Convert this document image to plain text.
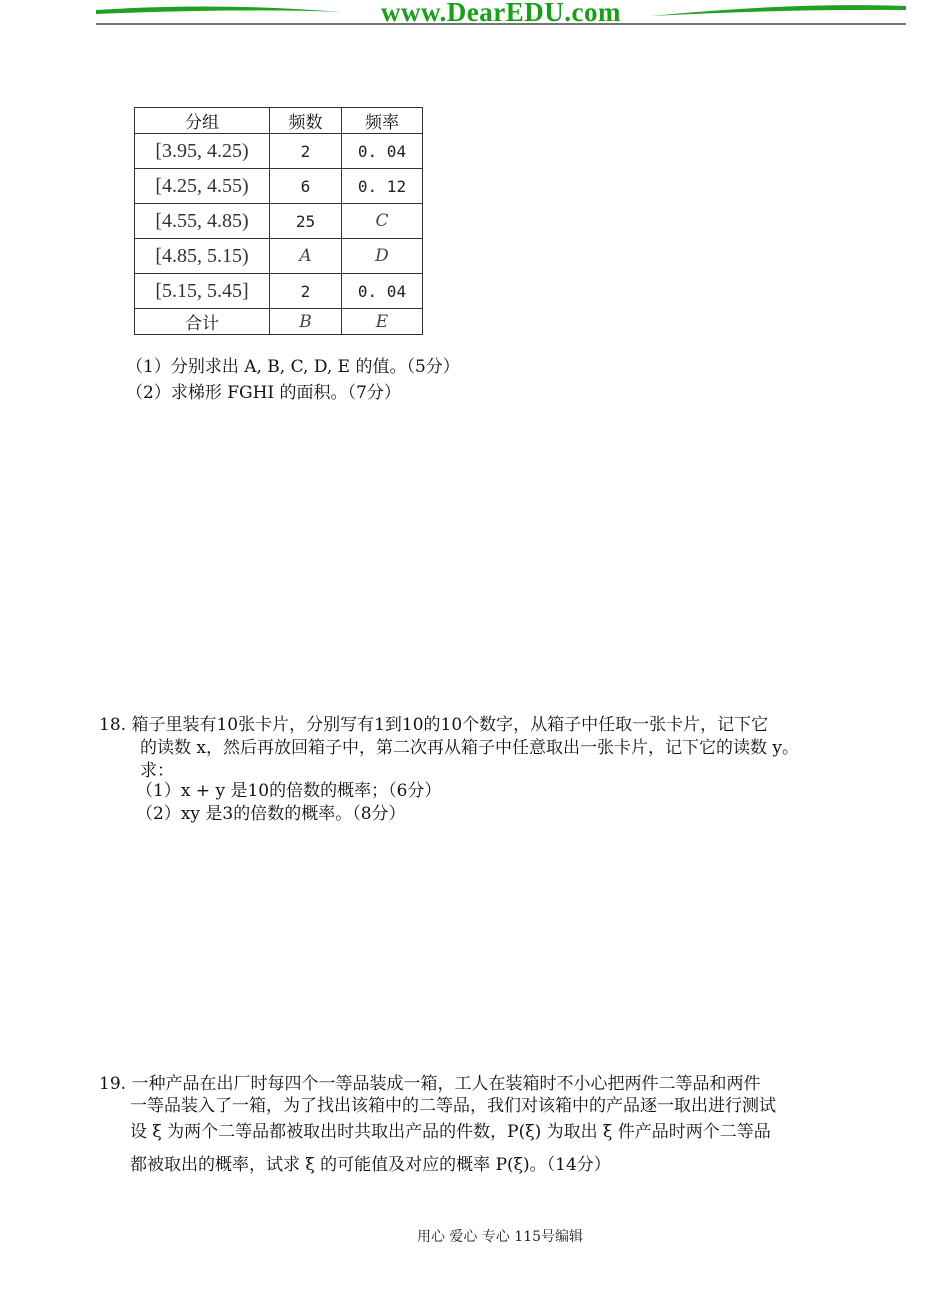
www.DearEDU.com
分组	频数	频率
[3.95, 4.25)	2	0. 04
[4.25, 4.55)	6	0. 12
[4.55, 4.85)	25	C
[4.85, 5.15)	A	D
[5.15, 5.45]	2	0. 04
合计	B	E
（1）分别求出 A, B, C, D, E 的值。（5分）
（2）求梯形 FGHI 的面积。（7分）
18. 箱子里装有10张卡片，分别写有1到10的10个数字，从箱子中任取一张卡片，记下它
的读数 x，然后再放回箱子中，第二次再从箱子中任意取出一张卡片，记下它的读数 y。
求：
（1）x + y 是10的倍数的概率；（6分）
（2）xy 是3的倍数的概率。（8分）
19. 一种产品在出厂时每四个一等品装成一箱，工人在装箱时不小心把两件二等品和两件
一等品装入了一箱，为了找出该箱中的二等品，我们对该箱中的产品逐一取出进行测试
设 ξ 为两个二等品都被取出时共取出产品的件数，P(ξ) 为取出 ξ 件产品时两个二等品
都被取出的概率，试求 ξ 的可能值及对应的概率 P(ξ)。（14分）
用心 爱心 专心 115号编辑
